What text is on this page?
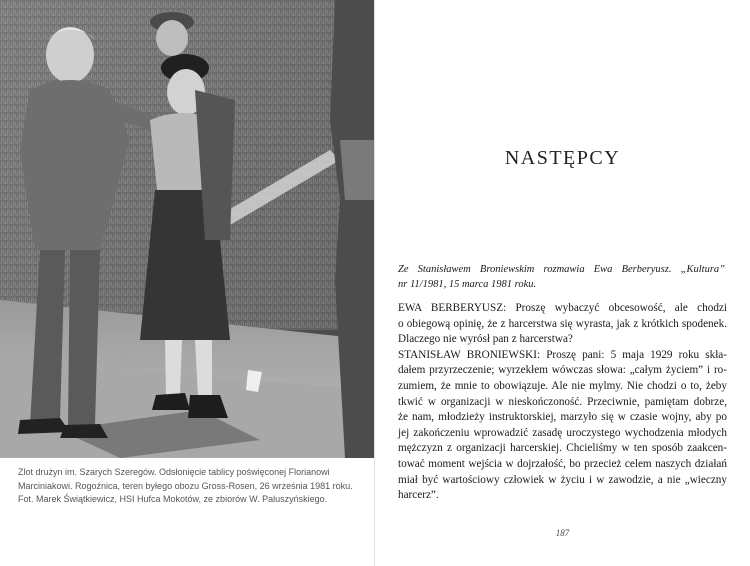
Zlot drużyn im. Szarych Szeregów. Odsłonięcie tablicy poświęconej Florianowi
Marciniakowi. Rogoźnica, teren byłego obozu Gross-Rosen, 26 września 1981 roku.
Fot. Marek Świątkiewicz, HSI Hufca Mokotów, ze zbiorów W. Paluszyńskiego.
NASTĘPCY
Ze Stanisławem Broniewskim rozmawia Ewa Berberyusz. „Kultura”
nr 11/1981, 15 marca 1981 roku.
EWA BERBERYUSZ: Proszę wybaczyć obcesowość, ale chodzi
o obiegową opinię, że z harcerstwa się wyrasta, jak z krótkich spodenek.
Dlaczego nie wyrósł pan z harcerstwa?
STANISŁAW BRONIEWSKI: Proszę pani: 5 maja 1929 roku skła-
dałem przyrzeczenie; wyrzekłem wówczas słowa: „całym życiem” i ro-
zumiem, że mnie to obowiązuje. Ale nie mylmy. Nie chodzi o to, żeby
tkwić w organizacji w nieskończoność. Przeciwnie, pamiętam dobrze,
że nam, młodzieży instruktorskiej, marzyło się w czasie wojny, aby po
jej zakończeniu wprowadzić zasadę uroczystego wychodzenia młodych
mężczyzn z organizacji harcerskiej. Chcieliśmy w ten sposób zaakcen-
tować moment wejścia w dojrzałość, bo przecież celem naszych działań
miał być wartościowy człowiek w życiu i w zawodzie, a nie „wieczny
harcerz”.
187
